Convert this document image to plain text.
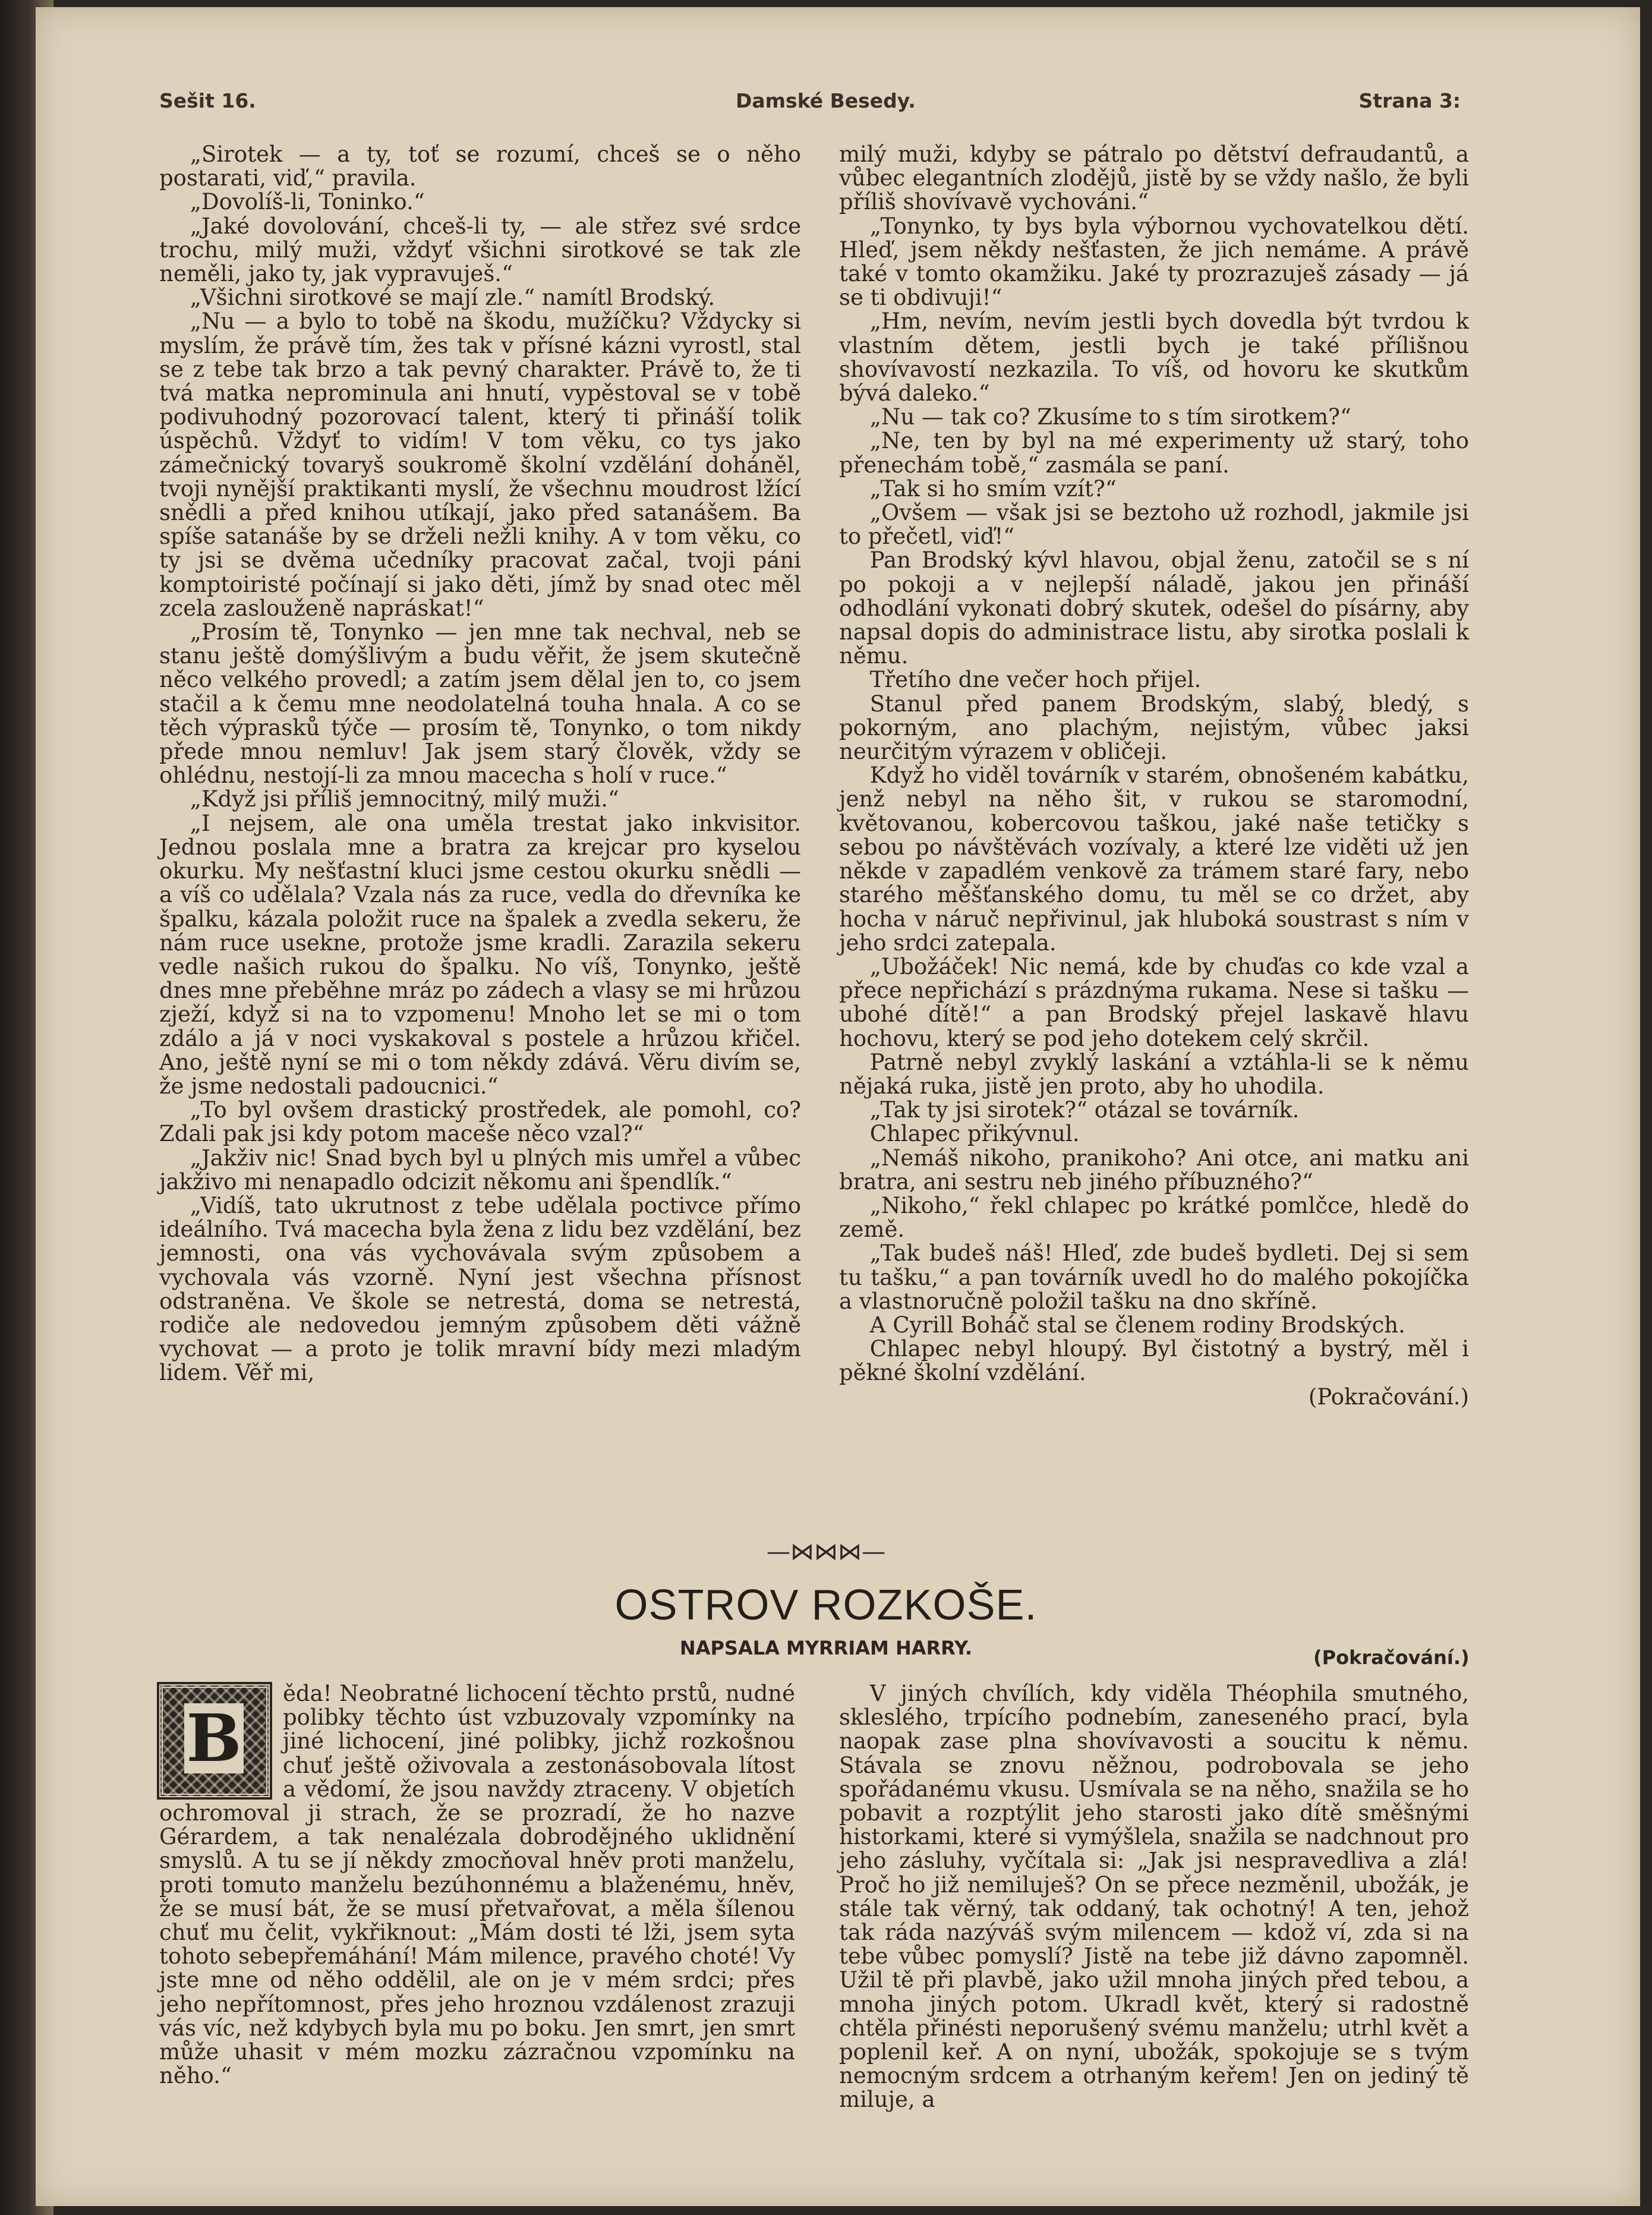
Sešit 16.	Damské Besedy.	Strana 3:

„Sirotek — a ty, toť se rozumí, chceš se o něho postarati, viď,“ pravila.

„Dovolíš-li, Toninko.“

„Jaké dovolování, chceš-li ty, — ale střez své srdce trochu, milý muži, vždyť všichni sirotkové se tak zle neměli, jako ty, jak vypravuješ.“

„Všichni sirotkové se mají zle.“ namítl Brodský.

„Nu — a bylo to tobě na škodu, mužíčku? Vždycky si myslím, že právě tím, žes tak v přísné kázni vyrostl, stal se z tebe tak brzo a tak pevný charakter. Právě to, že ti tvá matka neprominula ani hnutí, vypěstoval se v tobě podivuhodný pozorovací talent, který ti přináší tolik úspěchů. Vždyť to vidím! V tom věku, co tys jako zámečnický tovaryš soukromě školní vzdělání doháněl, tvoji nynější praktikanti myslí, že všechnu moudrost lžící snědli a před knihou utíkají, jako před satanášem. Ba spíše satanáše by se drželi nežli knihy. A v tom věku, co ty jsi se dvěma učedníky pracovat začal, tvoji páni komptoiristé počínají si jako děti, jímž by snad otec měl zcela zaslouženě napráskat!“

„Prosím tě, Tonynko — jen mne tak nechval, neb se stanu ještě domýšlivým a budu věřit, že jsem skutečně něco velkého provedl; a zatím jsem dělal jen to, co jsem stačil a k čemu mne neodolatelná touha hnala. A co se těch výprasků týče — prosím tě, Tonynko, o tom nikdy přede mnou nemluv! Jak jsem starý člověk, vždy se ohlédnu, nestojí-li za mnou macecha s holí v ruce.“

„Když jsi příliš jemnocitný, milý muži.“

„I nejsem, ale ona uměla trestat jako inkvisitor. Jednou poslala mne a bratra za krejcar pro kyselou okurku. My nešťastní kluci jsme cestou okurku snědli — a víš co udělala? Vzala nás za ruce, vedla do dřevníka ke špalku, kázala položit ruce na špalek a zvedla sekeru, že nám ruce usekne, protože jsme kradli. Zarazila sekeru vedle našich rukou do špalku. No víš, Tonynko, ještě dnes mne přeběhne mráz po zádech a vlasy se mi hrůzou zježí, když si na to vzpomenu! Mnoho let se mi o tom zdálo a já v noci vyskakoval s postele a hrůzou křičel. Ano, ještě nyní se mi o tom někdy zdává. Věru divím se, že jsme nedostali padoucnici.“

„To byl ovšem drastický prostředek, ale pomohl, co? Zdali pak jsi kdy potom maceše něco vzal?“

„Jakživ nic! Snad bych byl u plných mis umřel a vůbec jakživo mi nenapadlo odcizit někomu ani špendlík.“

„Vidíš, tato ukrutnost z tebe udělala poctivce přímo ideálního. Tvá macecha byla žena z lidu bez vzdělání, bez jemnosti, ona vás vychovávala svým způsobem a vychovala vás vzorně. Nyní jest všechna přísnost odstraněna. Ve škole se netrestá, doma se netrestá, rodiče ale nedovedou jemným způsobem děti vážně vychovat — a proto je tolik mravní bídy mezi mladým lidem. Věř mi,

milý muži, kdyby se pátralo po dětství defraudantů, a vůbec elegantních zlodějů, jistě by se vždy našlo, že byli příliš shovívavě vychováni.“

„Tonynko, ty bys byla výbornou vychovatelkou dětí. Hleď, jsem někdy nešťasten, že jich nemáme. A právě také v tomto okamžiku. Jaké ty prozrazuješ zásady — já se ti obdivuji!“

„Hm, nevím, nevím jestli bych dovedla být tvrdou k vlastním dětem, jestli bych je také přílišnou shovívavostí nezkazila. To víš, od hovoru ke skutkům bývá daleko.“

„Nu — tak co? Zkusíme to s tím sirotkem?“

„Ne, ten by byl na mé experimenty už starý, toho přenechám tobě,“ zasmála se paní.

„Tak si ho smím vzít?“

„Ovšem — však jsi se beztoho už rozhodl, jakmile jsi to přečetl, viď!“

Pan Brodský kývl hlavou, objal ženu, zatočil se s ní po pokoji a v nejlepší náladě, jakou jen přináší odhodlání vykonati dobrý skutek, odešel do písárny, aby napsal dopis do administrace listu, aby sirotka poslali k němu.

Třetího dne večer hoch přijel.

Stanul před panem Brodským, slabý, bledý, s pokorným, ano plachým, nejistým, vůbec jaksi neurčitým výrazem v obličeji.

Když ho viděl továrník v starém, obnošeném kabátku, jenž nebyl na něho šit, v rukou se staromodní, květovanou, kobercovou taškou, jaké naše tetičky s sebou po návštěvách vozívaly, a které lze viděti už jen někde v zapadlém venkově za trámem staré fary, nebo starého měšťanského domu, tu měl se co držet, aby hocha v náruč nepřivinul, jak hluboká soustrast s ním v jeho srdci zatepala.

„Ubožáček! Nic nemá, kde by chuďas co kde vzal a přece nepřichází s prázdnýma rukama. Nese si tašku — ubohé dítě!“ a pan Brodský přejel laskavě hlavu hochovu, který se pod jeho dotekem celý skrčil.

Patrně nebyl zvyklý laskání a vztáhla-li se k němu nějaká ruka, jistě jen proto, aby ho uhodila.

„Tak ty jsi sirotek?“ otázal se továrník.

Chlapec přikývnul.

„Nemáš nikoho, pranikoho? Ani otce, ani matku ani bratra, ani sestru neb jiného příbuzného?“

„Nikoho,“ řekl chlapec po krátké pomlčce, hledě do země.

„Tak budeš náš! Hleď, zde budeš bydleti. Dej si sem tu tašku,“ a pan továrník uvedl ho do malého pokojíčka a vlastnoručně položil tašku na dno skříně.

A Cyrill Boháč stal se členem rodiny Brodských.

Chlapec nebyl hloupý. Byl čistotný a bystrý, měl i pěkné školní vzdělání.

(Pokračování.)

—⋈⋈⋈—
OSTROV ROZKOŠE.
NAPSALA MYRRIAM HARRY.	(Pokračování.)
B

ěda! Neobratné lichocení těchto prstů, nudné polibky těchto úst vzbuzovaly vzpomínky na jiné lichocení, jiné polibky, jichž rozkošnou chuť ještě oživovala a zestonásobovala lítost a vědomí, že jsou navždy ztraceny. V objetích ochromoval ji strach, že se prozradí, že ho nazve Gérardem, a tak nenalézala dobrodějného uklidnění smyslů. A tu se jí někdy zmocňoval hněv proti manželu, proti tomuto manželu bezúhonnému a blaženému, hněv, že se musí bát, že se musí přetvařovat, a měla šílenou chuť mu čelit, vykřiknout: „Mám dosti té lži, jsem syta tohoto sebepřemáhání! Mám milence, pravého choté! Vy jste mne od něho oddělil, ale on je v mém srdci; přes jeho nepřítomnost, přes jeho hroznou vzdálenost zrazuji vás víc, než kdybych byla mu po boku. Jen smrt, jen smrt může uhasit v mém mozku zázračnou vzpomínku na něho.“

V jiných chvílích, kdy viděla Théophila smutného, skleslého, trpícího podnebím, zaneseného prací, byla naopak zase plna shovívavosti a soucitu k němu. Stávala se znovu něžnou, podrobovala se jeho spořádanému vkusu. Usmívala se na něho, snažila se ho pobavit a rozptýlit jeho starosti jako dítě směšnými historkami, které si vymýšlela, snažila se nadchnout pro jeho zásluhy, vyčítala si: „Jak jsi nespravedliva a zlá! Proč ho již nemiluješ? On se přece nezměnil, ubožák, je stále tak věrný, tak oddaný, tak ochotný! A ten, jehož tak ráda nazýváš svým milencem — kdož ví, zda si na tebe vůbec pomyslí? Jistě na tebe již dávno zapomněl. Užil tě při plavbě, jako užil mnoha jiných před tebou, a mnoha jiných potom. Ukradl květ, který si radostně chtěla přinésti neporušený svému manželu; utrhl květ a poplenil keř. A on nyní, ubožák, spokojuje se s tvým nemocným srdcem a otrhaným keřem! Jen on jediný tě miluje, a
